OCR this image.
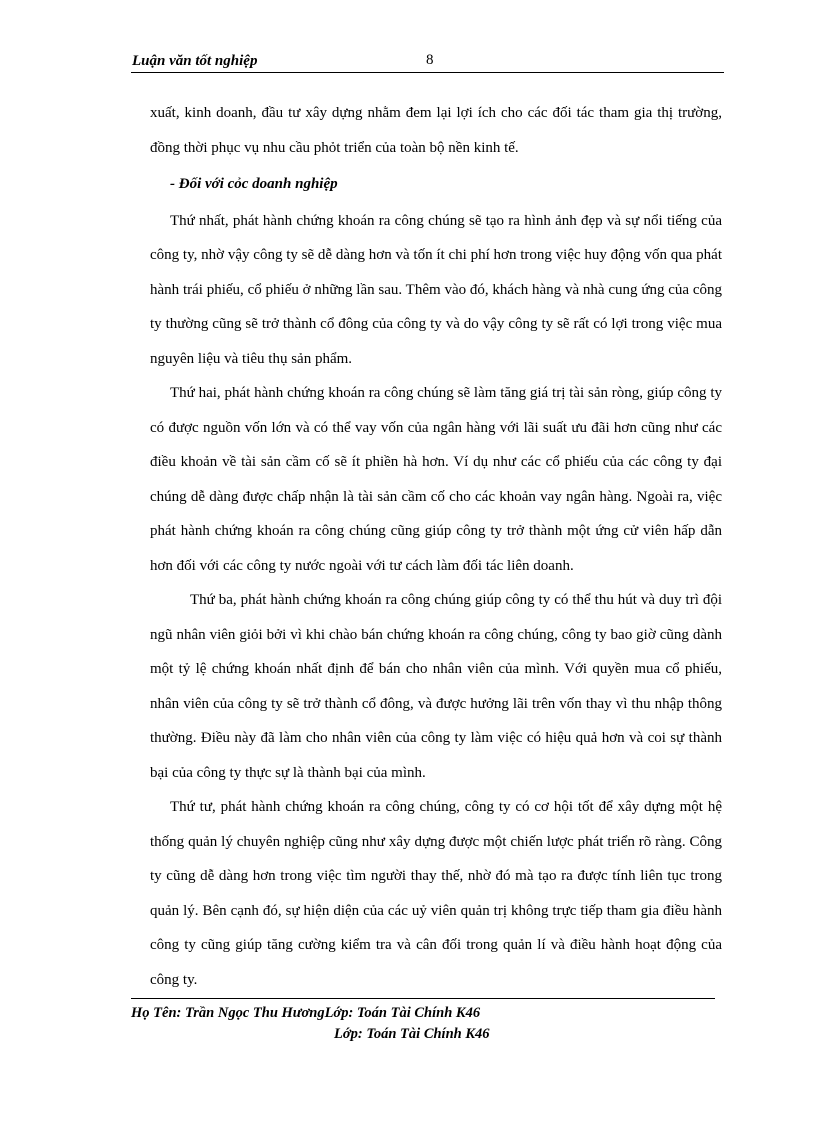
Luận văn tốt nghiệp	8

xuất, kinh doanh, đầu tư xây dựng nhằm đem lại lợi ích cho các đối tác tham gia thị trường, đồng thời phục vụ nhu cầu phỏt triển của toàn bộ nền kinh tế.

- Đối với cỏc doanh nghiệp

Thứ nhất, phát hành chứng khoán ra công chúng sẽ tạo ra hình ảnh đẹp và sự nổi tiếng của công ty, nhờ vậy công ty sẽ dễ dàng hơn và tốn ít chi phí hơn trong việc huy động vốn qua phát hành trái phiếu, cổ phiếu ở những lần sau. Thêm vào đó, khách hàng và nhà cung ứng của công ty thường cũng sẽ trở thành cổ đông của công ty và do vậy công ty sẽ rất có lợi trong việc mua nguyên liệu và tiêu thụ sản phẩm.

Thứ hai, phát hành chứng khoán ra công chúng sẽ làm tăng giá trị tài sản ròng, giúp công ty có được nguồn vốn lớn và có thể vay vốn của ngân hàng với lãi suất ưu đãi hơn cũng như các điều khoản về tài sản cầm cố sẽ ít phiền hà hơn. Ví dụ như các cổ phiếu của các công ty đại chúng dễ dàng được chấp nhận là tài sản cầm cố cho các khoản vay ngân hàng. Ngoài ra, việc phát hành chứng khoán ra công chúng cũng giúp công ty trở thành một ứng cử viên hấp dẫn hơn đối với các công ty nước ngoài với tư cách làm đối tác liên doanh.

Thứ ba, phát hành chứng khoán ra công chúng giúp công ty có thể thu hút và duy trì đội ngũ nhân viên giỏi bởi vì khi chào bán chứng khoán ra công chúng, công ty bao giờ cũng dành một tỷ lệ chứng khoán nhất định để bán cho nhân viên của mình. Với quyền mua cổ phiếu, nhân viên của công ty sẽ trở thành cổ đông, và được hưởng lãi trên vốn thay vì thu nhập thông thường. Điều này đã làm cho nhân viên của công ty làm việc có hiệu quả hơn và coi sự thành bại của công ty thực sự là thành bại của mình.

Thứ tư, phát hành chứng khoán ra công chúng, công ty có cơ hội tốt để xây dựng một hệ thống quản lý chuyên nghiệp cũng như xây dựng được một chiến lược phát triển rõ ràng. Công ty cũng dễ dàng hơn trong việc tìm người thay thế, nhờ đó mà tạo ra được tính liên tục trong quản lý. Bên cạnh đó, sự hiện diện của các uỷ viên quản trị không trực tiếp tham gia điều hành công ty cũng giúp tăng cường kiểm tra và cân đối trong quản lí và điều hành hoạt động của công ty.

Họ Tên: Trần Ngọc Thu HươngLớp: Toán Tài Chính K46
Lớp: Toán Tài Chính K46
